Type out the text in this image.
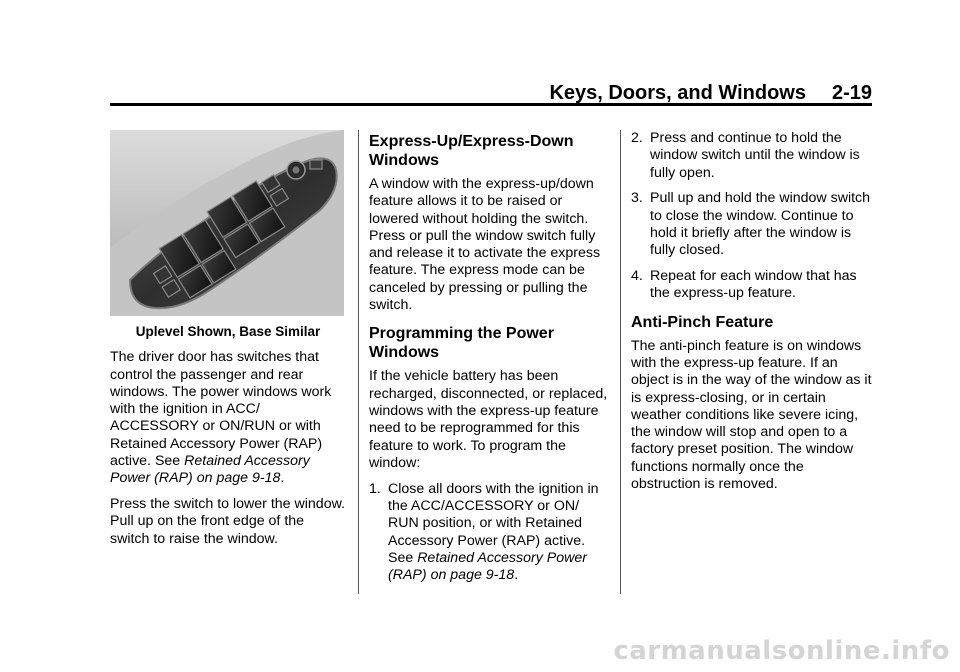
Keys, Doors, and Windows 2-19
Uplevel Shown, Base Similar

The driver door has switches that control the passenger and rear windows. The power windows work with the ignition in ACC/ ACCESSORY or ON/RUN or with Retained Accessory Power (RAP) active. See Retained Accessory Power (RAP) on page 9-18.

Press the switch to lower the window. Pull up on the front edge of the switch to raise the window.

Express-Up/Express-Down Windows

A window with the express-up/down feature allows it to be raised or lowered without holding the switch. Press or pull the window switch fully and release it to activate the express feature. The express mode can be canceled by pressing or pulling the switch.

Programming the Power Windows

If the vehicle battery has been recharged, disconnected, or replaced, windows with the express-up feature need to be reprogrammed for this feature to work. To program the window:

1. Close all doors with the ignition in the ACC/ACCESSORY or ON/ RUN position, or with Retained Accessory Power (RAP) active. See Retained Accessory Power (RAP) on page 9-18.
2. Press and continue to hold the window switch until the window is fully open.
3. Pull up and hold the window switch to close the window. Continue to hold it briefly after the window is fully closed.
4. Repeat for each window that has the express-up feature.
Anti-Pinch Feature

The anti-pinch feature is on windows with the express-up feature. If an object is in the way of the window as it is express-closing, or in certain weather conditions like severe icing, the window will stop and open to a factory preset position. The window functions normally once the obstruction is removed.

carmanualsonline.info
